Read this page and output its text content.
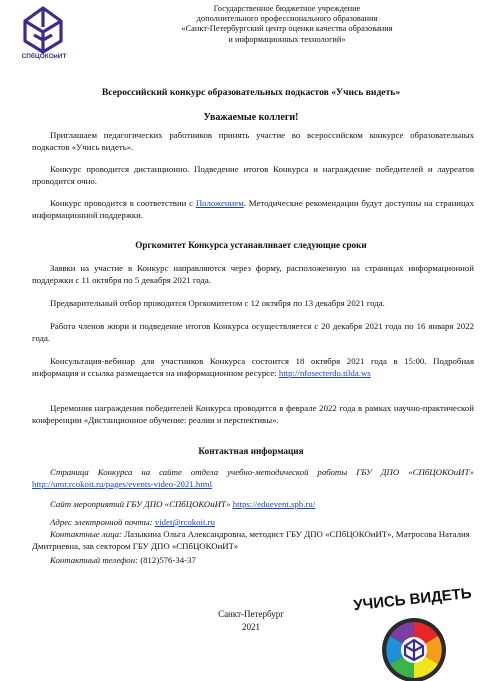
СПбЦОКОиИТ
Государственное бюджетное учреждение
дополнительного профессионального образования
«Санкт-Петербургский центр оценки качества образования
и информационных технологий»
Всероссийский конкурс образовательных подкастов «Учись видеть»
Уважаемые коллеги!
Приглашаем педагогических работников принять участие во всероссийском конкурсе образовательных подкастов «Учись видеть».
Конкурс проводится дистанционно. Подведение итогов Конкурса и награждение победителей и лауреатов проводится очно.
Конкурс проводится в соответствии с Положением. Методические рекомендации будут доступны на страницах информационной поддержки.
Оргкомитет Конкурса устанавливает следующие сроки
Заявки на участие в Конкурс направляются через форму, расположенную на страницах информационной поддержки с 11 октября по 5 декабря 2021 года.
Предварительный отбор проводится Оргкомитетом с 12 октября по 13 декабря 2021 года.
Работа членов жюри и подведение итогов Конкурса осуществляется с 20 декабря 2021 года по 16 января 2022 года.
Консультация-вебинар для участников Конкурса состоится 18 октября 2021 года в 15:00. Подробная информация и ссылка размещается на информационном ресурсе: http://nfosecterdo.tilda.ws
Церемония награждения победителей Конкурса проводится в феврале 2022 года в рамках научно-практической конференции «Дистанционное обучение: реалии и перспективы».
Контактная информация
Страница Конкурса на сайте отдела учебно-методической работы ГБУ ДПО «СПбЦОКОиИТ» http://umr.rcokoit.ru/pages/events-video-2021.html
Сайт мероприятий ГБУ ДПО «СПбЦОКОиИТ» https://eduevent.spb.ru/
Адрес электронной почты: videt@rcokoit.ru
Контактные лица: Лазыкина Ольга Александровна, методист ГБУ ДПО «СПбЦОКОиИТ», Матросова Наталия Дмитриевна, зав сектором ГБУ ДПО «СПбЦОКОиИТ»
Контактный телефон: (812)576-34-37
Санкт-Петербург
2021
УЧИСЬ ВИДЕТЬ
